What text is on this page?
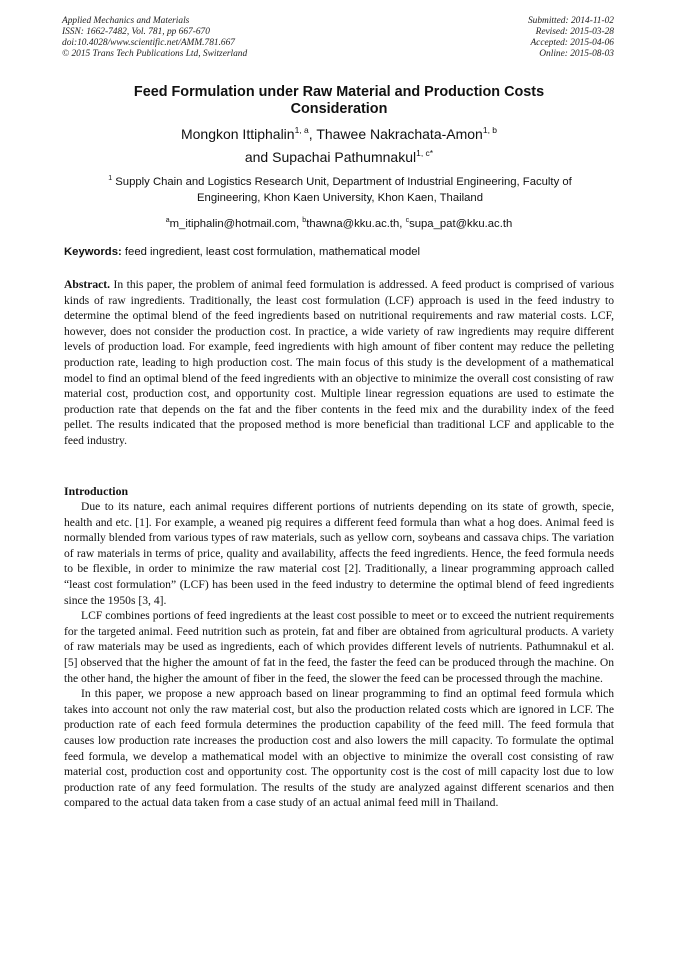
Applied Mechanics and Materials
ISSN: 1662-7482, Vol. 781, pp 667-670
doi:10.4028/www.scientific.net/AMM.781.667
© 2015 Trans Tech Publications Ltd, Switzerland
Submitted: 2014-11-02
Revised: 2015-03-28
Accepted: 2015-04-06
Online: 2015-08-03
Feed Formulation under Raw Material and Production Costs
Consideration
Mongkon Ittiphalin$^{1, a}$, Thawee Nakrachata-Amon$^{1, b}$
and Supachai Pathumnakul$^{1, c*}$
$^1$ Supply Chain and Logistics Research Unit, Department of Industrial Engineering, Faculty of
Engineering, Khon Kaen University, Khon Kaen, Thailand
$^a$m_itiphalin@hotmail.com, $^b$thawna@kku.ac.th, $^c$supa_pat@kku.ac.th
Keywords: feed ingredient, least cost formulation, mathematical model
Abstract. In this paper, the problem of animal feed formulation is addressed. A feed product is comprised of various kinds of raw ingredients. Traditionally, the least cost formulation (LCF) approach is used in the feed industry to determine the optimal blend of the feed ingredients based on nutritional requirements and raw material costs. LCF, however, does not consider the production cost. In practice, a wide variety of raw ingredients may require different levels of production load. For example, feed ingredients with high amount of fiber content may reduce the pelleting production rate, leading to high production cost. The main focus of this study is the development of a mathematical model to find an optimal blend of the feed ingredients with an objective to minimize the overall cost consisting of raw material cost, production cost, and opportunity cost. Multiple linear regression equations are used to estimate the production rate that depends on the fat and the fiber contents in the feed mix and the durability index of the feed pellet. The results indicated that the proposed method is more beneficial than traditional LCF and applicable to the feed industry.
Introduction

Due to its nature, each animal requires different portions of nutrients depending on its state of growth, specie, health and etc. [1]. For example, a weaned pig requires a different feed formula than what a hog does. Animal feed is normally blended from various types of raw materials, such as yellow corn, soybeans and cassava chips. The variation of raw materials in terms of price, quality and availability, affects the feed ingredients. Hence, the feed formula needs to be flexible, in order to minimize the raw material cost [2]. Traditionally, a linear programming approach called “least cost formulation” (LCF) has been used in the feed industry to determine the optimal blend of feed ingredients since the 1950s [3, 4].

LCF combines portions of feed ingredients at the least cost possible to meet or to exceed the nutrient requirements for the targeted animal. Feed nutrition such as protein, fat and fiber are obtained from agricultural products. A variety of raw materials may be used as ingredients, each of which provides different levels of nutrients. Pathumnakul et al. [5] observed that the higher the amount of fat in the feed, the faster the feed can be produced through the machine. On the other hand, the higher the amount of fiber in the feed, the slower the feed can be processed through the machine.

In this paper, we propose a new approach based on linear programming to find an optimal feed formula which takes into account not only the raw material cost, but also the production related costs which are ignored in LCF. The production rate of each feed formula determines the production capability of the feed mill. The feed formula that causes low production rate increases the production cost and also lowers the mill capacity. To formulate the optimal feed formula, we develop a mathematical model with an objective to minimize the overall cost consisting of raw material cost, production cost and opportunity cost. The opportunity cost is the cost of mill capacity lost due to low production rate of any feed formulation. The results of the study are analyzed against different scenarios and then compared to the actual data taken from a case study of an actual animal feed mill in Thailand.
